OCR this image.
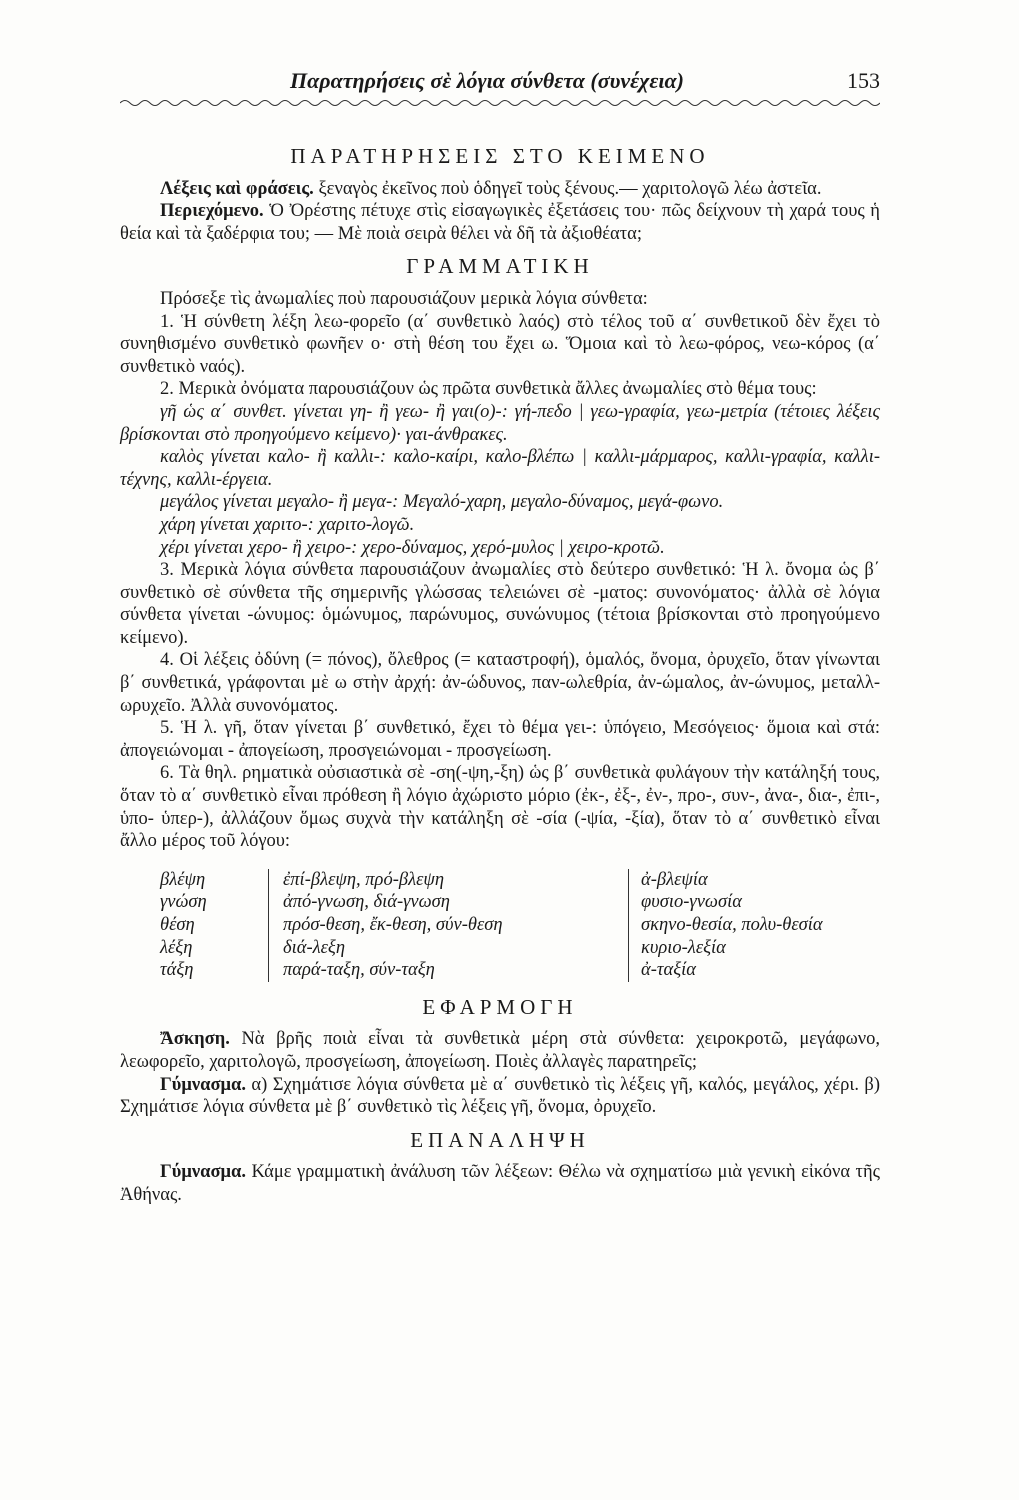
Παρατηρήσεις σὲ λόγια σύνθετα (συνέχεια)	153
ΠΑΡΑΤΗΡΗΣΕΙΣ ΣΤΟ ΚΕΙΜΕΝΟ

Λέξεις καὶ φράσεις. ξεναγὸς ἐκεῖνος ποὺ ὁδηγεῖ τοὺς ξένους.— χαριτολογῶ λέω ἀστεῖα.

Περιεχόμενο. Ὁ Ὀρέστης πέτυχε στὶς εἰσαγωγικὲς ἐξετάσεις του· πῶς δείχνουν τὴ χαρά τους ἡ θεία καὶ τὰ ξαδέρφια του; — Μὲ ποιὰ σειρὰ θέλει νὰ δῆ τὰ ἀξιοθέατα;

ΓΡΑΜΜΑΤΙΚΗ

Πρόσεξε τὶς ἀνωμαλίες ποὺ παρουσιάζουν μερικὰ λόγια σύνθετα:

1. Ἡ σύνθετη λέξη λεω-φορεῖο (α΄ συνθετικὸ λαός) στὸ τέλος τοῦ α΄ συνθετικοῦ δὲν ἔχει τὸ συνηθισμένο συνθετικὸ φωνῆεν ο· στὴ θέση του ἔχει ω. Ὅμοια καὶ τὸ λεω-φόρος, νεω-κόρος (α΄ συνθετικὸ ναός).

2. Μερικὰ ὀνόματα παρουσιάζουν ὡς πρῶτα συνθετικὰ ἄλλες ἀνωμαλίες στὸ θέμα τους:

γῆ ὡς α΄ συνθετ. γίνεται γη- ἢ γεω- ἢ γαι(ο)-: γή-πεδο | γεω-γραφία, γεω-μετρία (τέτοιες λέξεις βρίσκονται στὸ προηγούμενο κείμενο)· γαι-άνθρακες.

καλὸς γίνεται καλο- ἢ καλλι-: καλο-καίρι, καλο-βλέπω | καλλι-μάρμαρος, καλλι-γραφία, καλλι-τέχνης, καλλι-έργεια.

μεγάλος γίνεται μεγαλο- ἢ μεγα-: Μεγαλό-χαρη, μεγαλο-δύναμος, μεγά-φωνο.

χάρη γίνεται χαριτο-: χαριτο-λογῶ.

χέρι γίνεται χερο- ἢ χειρο-: χερο-δύναμος, χερό-μυλος | χειρο-κροτῶ.

3. Μερικὰ λόγια σύνθετα παρουσιάζουν ἀνωμαλίες στὸ δεύτερο συνθετικό: Ἡ λ. ὄνομα ὡς β΄ συνθετικὸ σὲ σύνθετα τῆς σημερινῆς γλώσσας τελειώνει σὲ -ματος: συνονόματος· ἀλλὰ σὲ λόγια σύνθετα γίνεται -ώνυμος: ὁμώνυμος, παρώνυμος, συνώνυμος (τέτοια βρίσκονται στὸ προηγούμενο κείμενο).

4. Οἱ λέξεις ὀδύνη (= πόνος), ὄλεθρος (= καταστροφή), ὁμαλός, ὄνομα, ὀρυχεῖο, ὅταν γίνωνται β΄ συνθετικά, γράφονται μὲ ω στὴν ἀρχή: ἀν-ώδυνος, παν-ωλεθρία, ἀν-ώμαλος, ἀν-ώνυμος, μεταλλ-ωρυχεῖο. Ἀλλὰ συνονόματος.

5. Ἡ λ. γῆ, ὅταν γίνεται β΄ συνθετικό, ἔχει τὸ θέμα γει-: ὑπόγειο, Μεσόγειος· ὅμοια καὶ στά: ἀπογειώνομαι - ἀπογείωση, προσγειώνομαι - προσγείωση.

6. Τὰ θηλ. ρηματικὰ οὐσιαστικὰ σὲ -ση(-ψη,-ξη) ὡς β΄ συνθετικὰ φυλάγουν τὴν κατάληξή τους, ὅταν τὸ α΄ συνθετικὸ εἶναι πρόθεση ἢ λόγιο ἀχώριστο μόριο (ἐκ-, ἐξ-, ἐν-, προ-, συν-, ἀνα-, δια-, ἐπι-, ὑπο- ὑπερ-), ἀλλάζουν ὅμως συχνὰ τὴν κατάληξη σὲ -σία (-ψία, -ξία), ὅταν τὸ α΄ συνθετικὸ εἶναι ἄλλο μέρος τοῦ λόγου:

βλέψη
γνώση
θέση
λέξη
τάξη
ἐπί-βλεψη, πρό-βλεψη
ἀπό-γνωση, διά-γνωση
πρόσ-θεση, ἔκ-θεση, σύν-θεση
διά-λεξη
παρά-ταξη, σύν-ταξη
ἀ-βλεψία
φυσιο-γνωσία
σκηνο-θεσία, πολυ-θεσία
κυριο-λεξία
ἀ-ταξία
ΕΦΑΡΜΟΓΗ

Ἄσκηση. Νὰ βρῆς ποιὰ εἶναι τὰ συνθετικὰ μέρη στὰ σύνθετα: χειροκροτῶ, μεγάφωνο, λεωφορεῖο, χαριτολογῶ, προσγείωση, ἀπογείωση. Ποιὲς ἀλλαγὲς παρατηρεῖς;

Γύμνασμα. α) Σχημάτισε λόγια σύνθετα μὲ α΄ συνθετικὸ τὶς λέξεις γῆ, καλός, μεγάλος, χέρι. β) Σχημάτισε λόγια σύνθετα μὲ β΄ συνθετικὸ τὶς λέξεις γῆ, ὄνομα, ὀρυχεῖο.

ΕΠΑΝΑΛΗΨΗ

Γύμνασμα. Κάμε γραμματικὴ ἀνάλυση τῶν λέξεων: Θέλω νὰ σχηματίσω μιὰ γενικὴ εἰκόνα τῆς Ἀθήνας.
